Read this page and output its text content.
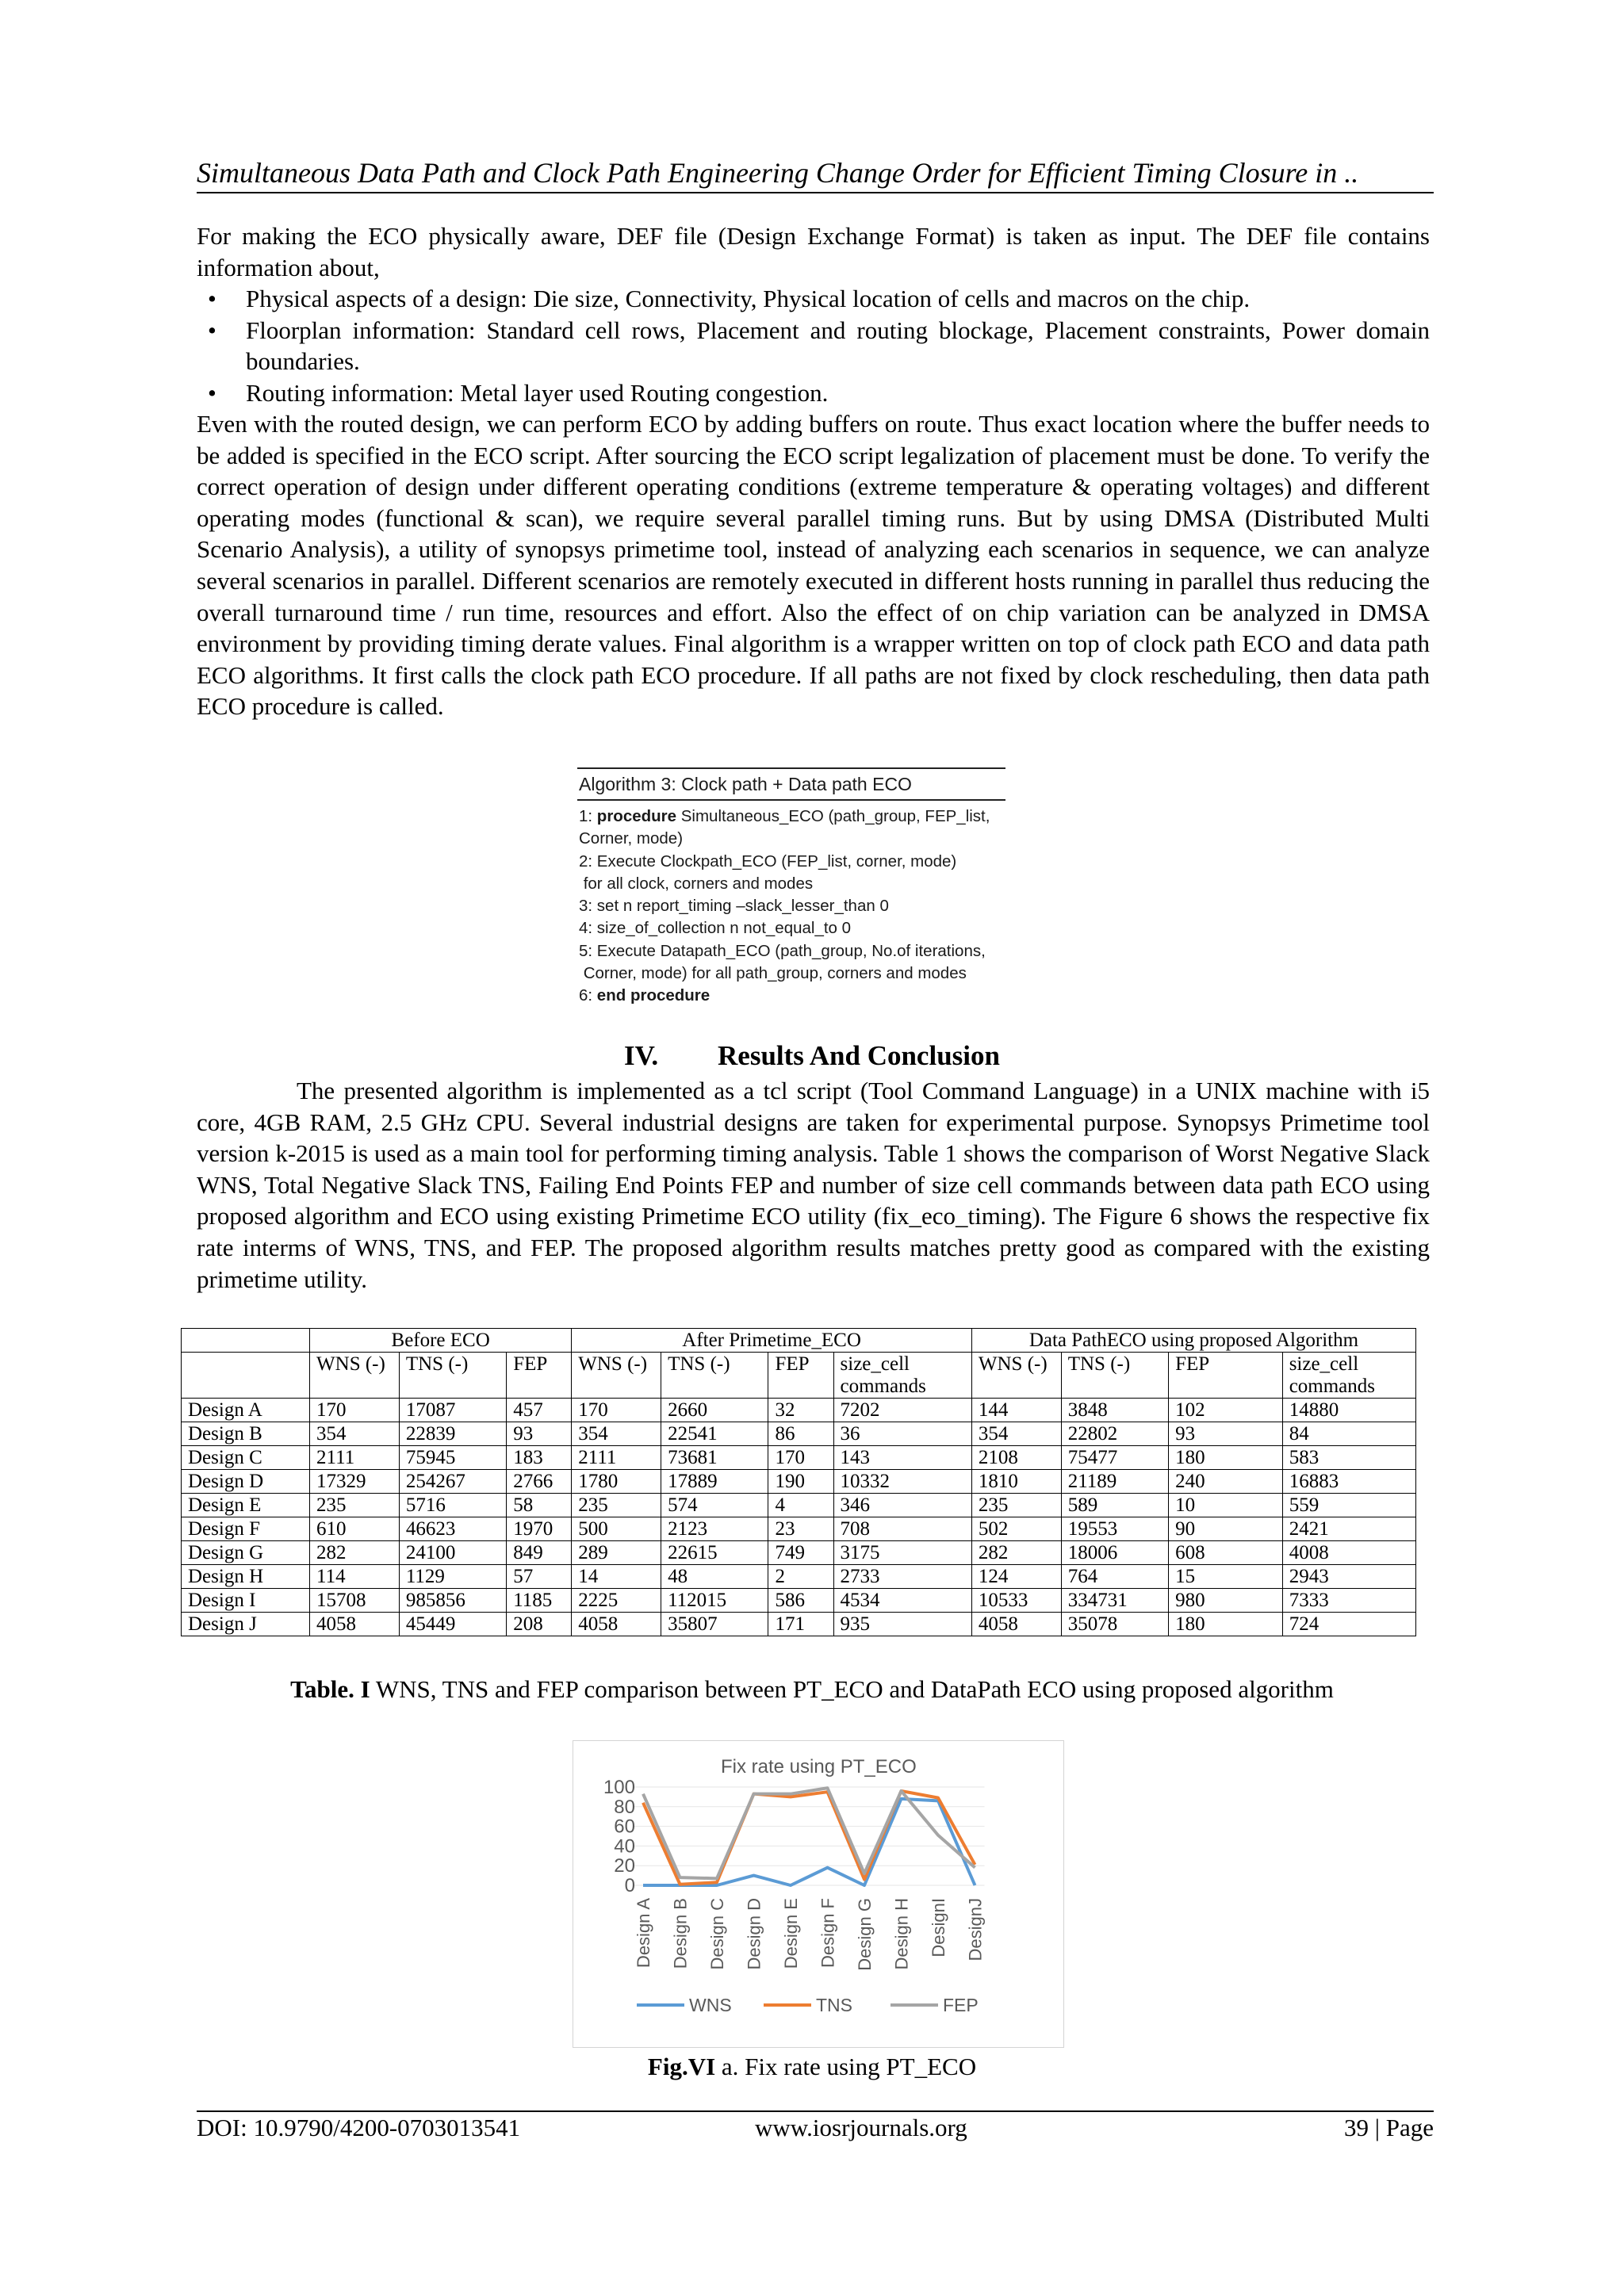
Simultaneous Data Path and Clock Path Engineering Change Order for Efficient Timing Closure in ..

For making the ECO physically aware, DEF file (Design Exchange Format) is taken as input. The DEF file contains information about,

• Physical aspects of a design: Die size, Connectivity, Physical location of cells and macros on the chip.
• Floorplan information: Standard cell rows, Placement and routing blockage, Placement constraints, Power domain boundaries.
• Routing information: Metal layer used Routing congestion.

Even with the routed design, we can perform ECO by adding buffers on route. Thus exact location where the buffer needs to be added is specified in the ECO script. After sourcing the ECO script legalization of placement must be done. To verify the correct operation of design under different operating conditions (extreme temperature & operating voltages) and different operating modes (functional & scan), we require several parallel timing runs. But by using DMSA (Distributed Multi Scenario Analysis), a utility of synopsys primetime tool, instead of analyzing each scenarios in sequence, we can analyze several scenarios in parallel. Different scenarios are remotely executed in different hosts running in parallel thus reducing the overall turnaround time / run time, resources and effort. Also the effect of on chip variation can be analyzed in DMSA environment by providing timing derate values. Final algorithm is a wrapper written on top of clock path ECO and data path ECO algorithms. It first calls the clock path ECO procedure. If all paths are not fixed by clock rescheduling, then data path ECO procedure is called.

Algorithm 3: Clock path + Data path ECO
1: procedure Simultaneous_ECO (path_group, FEP_list,
Corner, mode)
2: Execute Clockpath_ECO (FEP_list, corner, mode)
for all clock, corners and modes
3: set n report_timing –slack_lesser_than 0
4: size_of_collection n not_equal_to 0
5: Execute Datapath_ECO (path_group, No.of iterations,
Corner, mode) for all path_group, corners and modes
6: end procedure
IV. Results And Conclusion

The presented algorithm is implemented as a tcl script (Tool Command Language) in a UNIX machine with i5 core, 4GB RAM, 2.5 GHz CPU. Several industrial designs are taken for experimental purpose. Synopsys Primetime tool version k-2015 is used as a main tool for performing timing analysis. Table 1 shows the comparison of Worst Negative Slack WNS, Total Negative Slack TNS, Failing End Points FEP and number of size cell commands between data path ECO using proposed algorithm and ECO using existing Primetime ECO utility (fix_eco_timing). The Figure 6 shows the respective fix rate interms of WNS, TNS, and FEP. The proposed algorithm results matches pretty good as compared with the existing primetime utility.

	Before ECO			After Primetime_ECO				Data PathECO using proposed Algorithm			
	WNS (-)	TNS (-)	FEP	WNS (-)	TNS (-)	FEP	size_cell commands	WNS (-)	TNS (-)	FEP	size_cell commands
Design A	170	17087	457	170	2660	32	7202	144	3848	102	14880
Design B	354	22839	93	354	22541	86	36	354	22802	93	84
Design C	2111	75945	183	2111	73681	170	143	2108	75477	180	583
Design D	17329	254267	2766	1780	17889	190	10332	1810	21189	240	16883
Design E	235	5716	58	235	574	4	346	235	589	10	559
Design F	610	46623	1970	500	2123	23	708	502	19553	90	2421
Design G	282	24100	849	289	22615	749	3175	282	18006	608	4008
Design H	114	1129	57	14	48	2	2733	124	764	15	2943
Design I	15708	985856	1185	2225	112015	586	4534	10533	334731	980	7333
Design J	4058	45449	208	4058	35807	171	935	4058	35078	180	724
Table. I WNS, TNS and FEP comparison between PT_ECO and DataPath ECO using proposed algorithm
Fix rate using PT_ECO
0
20
40
60
80
100
Design A Design B Design C Design D Design E Design F Design G Design H DesignI DesignJ
WNS	TNS	FEP
Fig.VI a. Fix rate using PT_ECO
DOI: 10.9790/4200-0703013541	www.iosrjournals.org	39 | Page
